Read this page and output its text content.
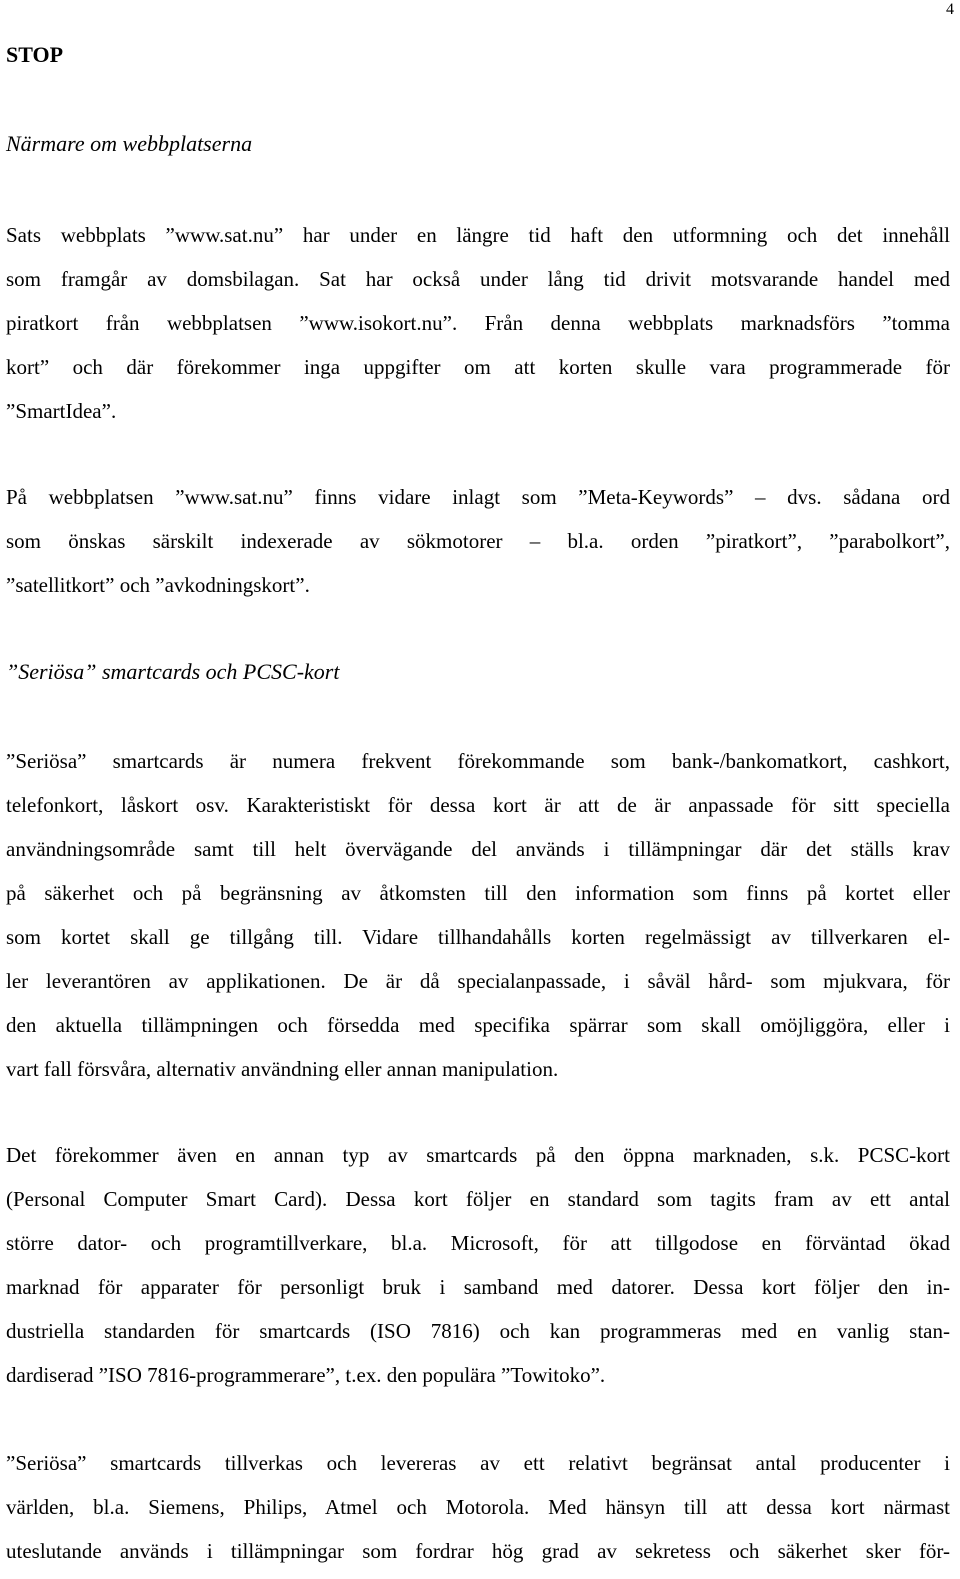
4
STOP
Närmare om webbplatserna
Sats webbplats ”www.sat.nu” har under en längre tid haft den utformning och det innehåll
som framgår av domsbilagan. Sat har också under lång tid drivit motsvarande handel med
piratkort från webbplatsen ”www.isokort.nu”. Från denna webbplats marknadsförs ”tomma
kort” och där förekommer inga uppgifter om att korten skulle vara programmerade för
”SmartIdea”.
På webbplatsen ”www.sat.nu” finns vidare inlagt som ”Meta-Keywords” – dvs. sådana ord
som önskas särskilt indexerade av sökmotorer – bl.a. orden ”piratkort”, ”parabolkort”,
”satellitkort” och ”avkodningskort”.
”Seriösa” smartcards och PCSC-kort
”Seriösa” smartcards är numera frekvent förekommande som bank-/bankomatkort, cashkort,
telefonkort, låskort osv. Karakteristiskt för dessa kort är att de är anpassade för sitt speciella
användningsområde samt till helt övervägande del används i tillämpningar där det ställs krav
på säkerhet och på begränsning av åtkomsten till den information som finns på kortet eller
som kortet skall ge tillgång till. Vidare tillhandahålls korten regelmässigt av tillverkaren el-
ler leverantören av applikationen. De är då specialanpassade, i såväl hård- som mjukvara, för
den aktuella tillämpningen och försedda med specifika spärrar som skall omöjliggöra, eller i
vart fall försvåra, alternativ användning eller annan manipulation.
Det förekommer även en annan typ av smartcards på den öppna marknaden, s.k. PCSC-kort
(Personal Computer Smart Card). Dessa kort följer en standard som tagits fram av ett antal
större dator- och programtillverkare, bl.a. Microsoft, för att tillgodose en förväntad ökad
marknad för apparater för personligt bruk i samband med datorer. Dessa kort följer den in-
dustriella standarden för smartcards (ISO 7816) och kan programmeras med en vanlig stan-
dardiserad ”ISO 7816-programmerare”, t.ex. den populära ”Towitoko”.
”Seriösa” smartcards tillverkas och levereras av ett relativt begränsat antal producenter i
världen, bl.a. Siemens, Philips, Atmel och Motorola. Med hänsyn till att dessa kort närmast
uteslutande används i tillämpningar som fordrar hög grad av sekretess och säkerhet sker för-
